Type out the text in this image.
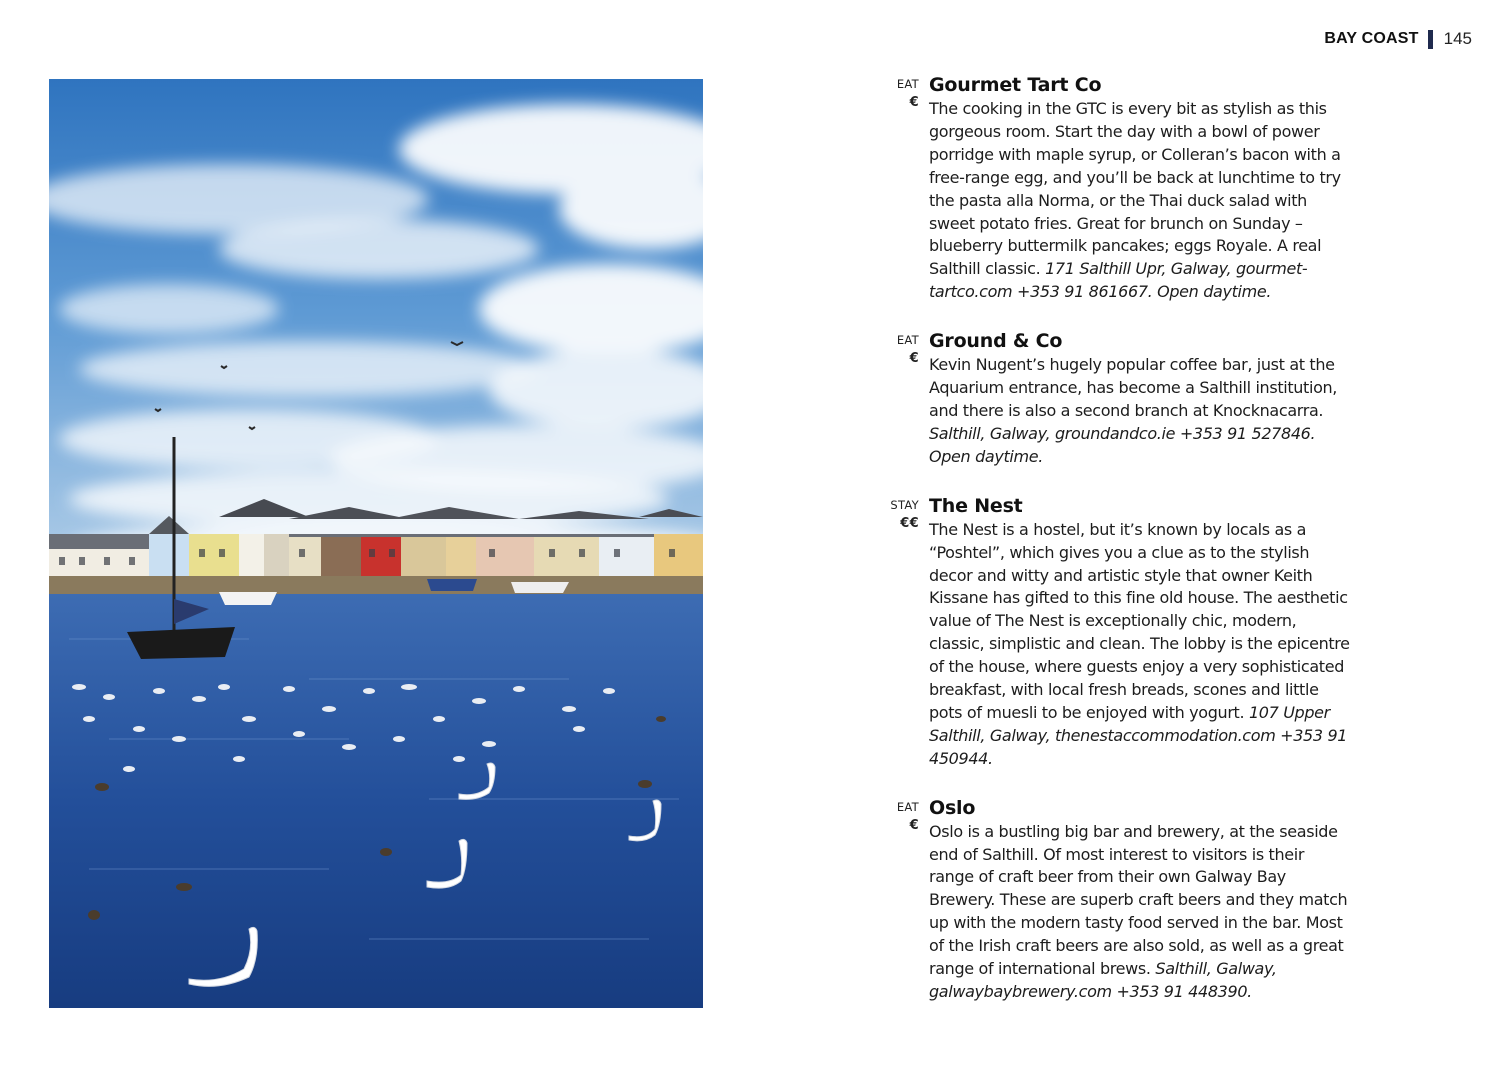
BAY COAST 145
EAT
€
Gourmet Tart Co

The cooking in the GTC is every bit as stylish as this gorgeous room. Start the day with a bowl of power porridge with maple syrup, or Colleran’s bacon with a free-range egg, and you’ll be back at lunchtime to try the pasta alla Norma, or the Thai duck salad with sweet potato fries. Great for brunch on Sunday – blueberry buttermilk pancakes; eggs Royale. A real Salthill classic. 171 Salthill Upr, Galway, gourmettartco.com +353 91 861667. Open daytime.

EAT
€
Ground & Co

Kevin Nugent’s hugely popular coffee bar, just at the Aquarium entrance, has become a Salthill institution, and there is also a second branch at Knocknacarra. Salthill, Galway, groundandco.ie +353 91 527846. Open daytime.

STAY
€€
The Nest

The Nest is a hostel, but it’s known by locals as a “Poshtel”, which gives you a clue as to the stylish decor and witty and artistic style that owner Keith Kissane has gifted to this fine old house. The aesthetic value of The Nest is exceptionally chic, modern, classic, simplistic and clean. The lobby is the epicentre of the house, where guests enjoy a very sophisticated breakfast, with local fresh breads, scones and little pots of muesli to be enjoyed with yogurt. 107 Upper Salthill, Galway, thenestaccommodation.com +353 91 450944.

EAT
€
Oslo

Oslo is a bustling big bar and brewery, at the seaside end of Salthill. Of most interest to visitors is their range of craft beer from their own Galway Bay Brewery. These are superb craft beers and they match up with the modern tasty food served in the bar. Most of the Irish craft beers are also sold, as well as a great range of international brews. Salthill, Galway, galwaybaybrewery.com +353 91 448390.
